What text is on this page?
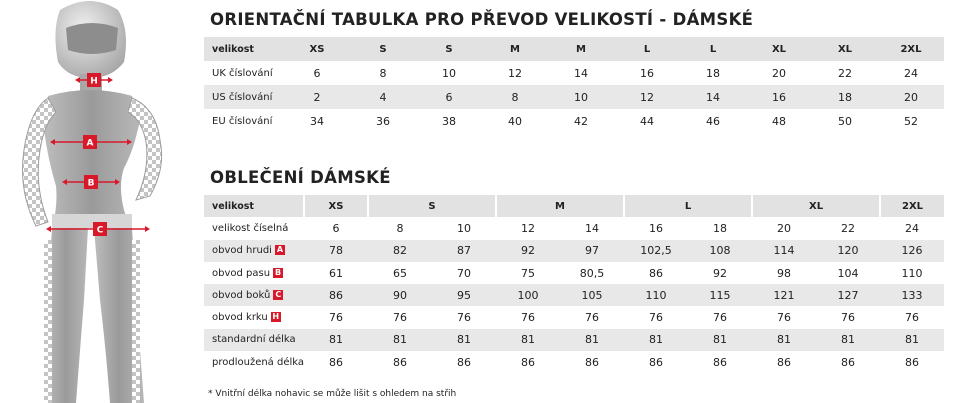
H
A
B
C
ORIENTAČNÍ TABULKA PRO PŘEVOD VELIKOSTÍ - DÁMSKÉ
velikost	XS	S	S	M	M	L	L	XL	XL	2XL
UK číslování	6	8	10	12	14	16	18	20	22	24
US číslování	2	4	6	8	10	12	14	16	18	20
EU číslování	34	36	38	40	42	44	46	48	50	52
OBLEČENÍ DÁMSKÉ
velikost	XS	S		M		L		XL		2XL
velikost číselná	6	8	10	12	14	16	18	20	22	24
obvod hrudi A	78	82	87	92	97	102,5	108	114	120	126
obvod pasu B	61	65	70	75	80,5	86	92	98	104	110
obvod boků C	86	90	95	100	105	110	115	121	127	133
obvod krku H	76	76	76	76	76	76	76	76	76	76
standardní délka	81	81	81	81	81	81	81	81	81	81
prodloužená délka	86	86	86	86	86	86	86	86	86	86
* Vnitřní délka nohavic se může lišit s ohledem na střih
